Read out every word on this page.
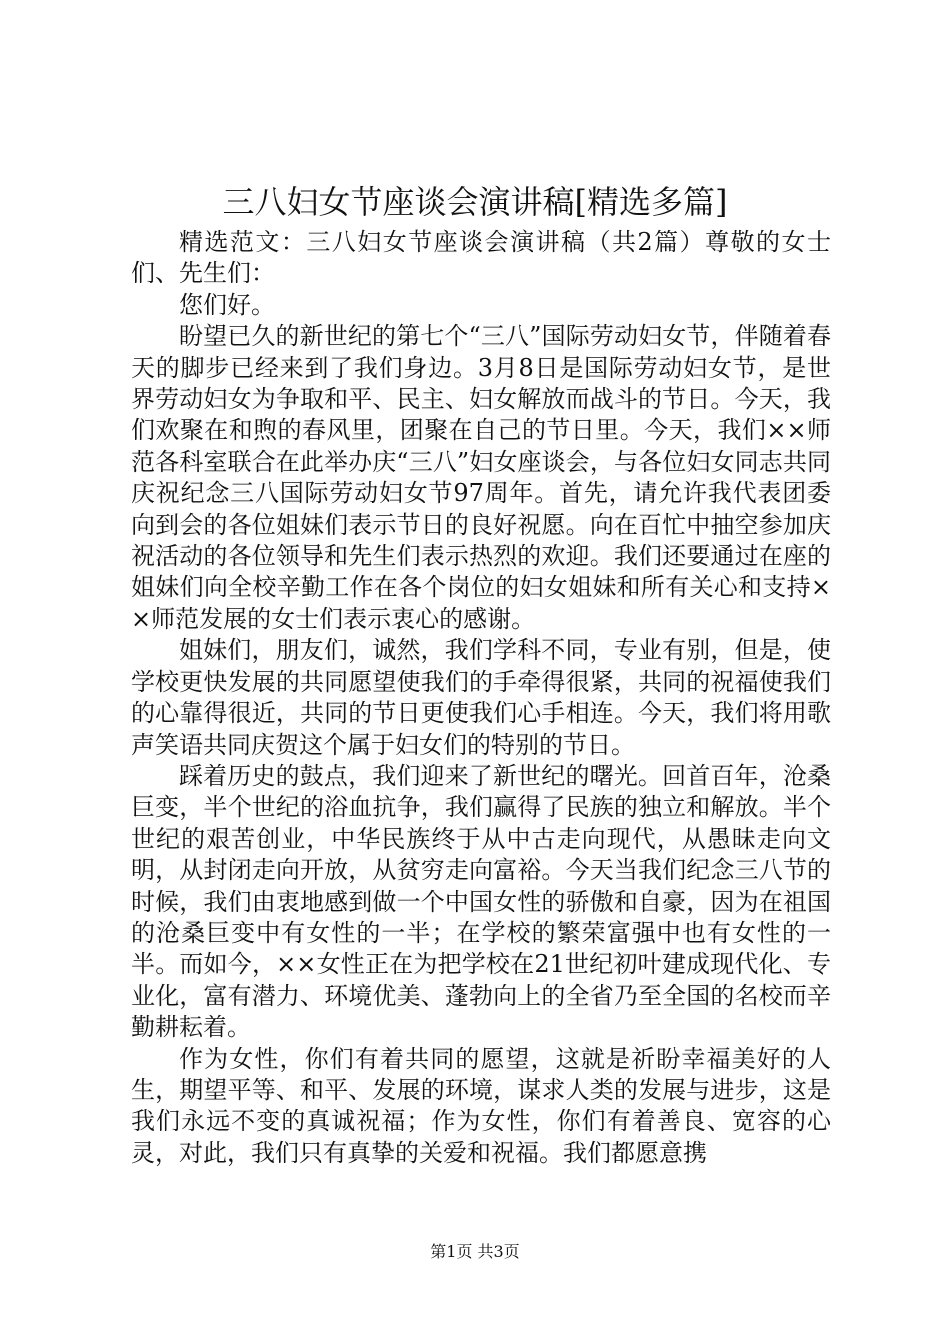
三八妇女节座谈会演讲稿[精选多篇]

精选范文：三八妇女节座谈会演讲稿（共2篇）尊敬的女士们、先生们：

您们好。

盼望已久的新世纪的第七个“三八”国际劳动妇女节，伴随着春天的脚步已经来到了我们身边。3月8日是国际劳动妇女节，是世界劳动妇女为争取和平、民主、妇女解放而战斗的节日。今天，我们欢聚在和煦的春风里，团聚在自己的节日里。今天，我们××师范各科室联合在此举办庆“三八”妇女座谈会，与各位妇女同志共同庆祝纪念三八国际劳动妇女节97周年。首先，请允许我代表团委向到会的各位姐妹们表示节日的良好祝愿。向在百忙中抽空参加庆祝活动的各位领导和先生们表示热烈的欢迎。我们还要通过在座的姐妹们向全校辛勤工作在各个岗位的妇女姐妹和所有关心和支持××师范发展的女士们表示衷心的感谢。

姐妹们，朋友们，诚然，我们学科不同，专业有别，但是，使学校更快发展的共同愿望使我们的手牵得很紧，共同的祝福使我们的心靠得很近，共同的节日更使我们心手相连。今天，我们将用歌声笑语共同庆贺这个属于妇女们的特别的节日。

踩着历史的鼓点，我们迎来了新世纪的曙光。回首百年，沧桑巨变，半个世纪的浴血抗争，我们赢得了民族的独立和解放。半个世纪的艰苦创业，中华民族终于从中古走向现代，从愚昧走向文明，从封闭走向开放，从贫穷走向富裕。今天当我们纪念三八节的时候，我们由衷地感到做一个中国女性的骄傲和自豪，因为在祖国的沧桑巨变中有女性的一半；在学校的繁荣富强中也有女性的一半。而如今，××女性正在为把学校在21世纪初叶建成现代化、专业化，富有潜力、环境优美、蓬勃向上的全省乃至全国的名校而辛勤耕耘着。

作为女性，你们有着共同的愿望，这就是祈盼幸福美好的人生，期望平等、和平、发展的环境，谋求人类的发展与进步，这是我们永远不变的真诚祝福；作为女性，你们有着善良、宽容的心灵，对此，我们只有真挚的关爱和祝福。我们都愿意携

第1页 共3页
